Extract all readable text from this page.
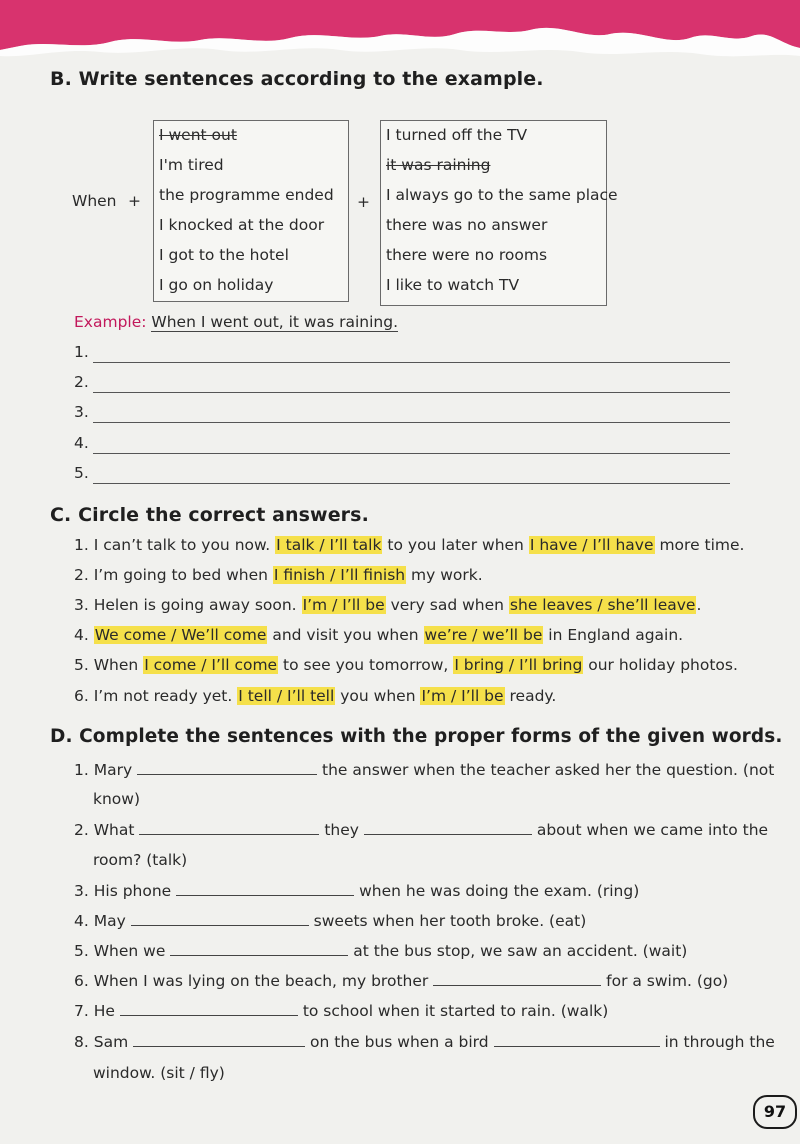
B. Write sentences according to the example.
When +	+
I went out
I'm tired
the programme ended
I knocked at the door
I got to the hotel
I go on holiday
I turned off the TV
it was raining
I always go to the same place
there was no answer
there were no rooms
I like to watch TV
Example: When I went out, it was raining.
1.
2.
3.
4.
5.
C. Circle the correct answers.
1. I can’t talk to you now. I talk / I’ll talk to you later when I have / I’ll have more time.
2. I’m going to bed when I finish / I’ll finish my work.
3. Helen is going away soon. I’m / I’ll be very sad when she leaves / she’ll leave.
4. We come / We’ll come and visit you when we’re / we’ll be in England again.
5. When I come / I’ll come to see you tomorrow, I bring / I’ll bring our holiday photos.
6. I’m not ready yet. I tell / I’ll tell you when I’m / I’ll be ready.
D. Complete the sentences with the proper forms of the given words.
1. Mary	the answer when the teacher asked her the question. (not
know)
2. What	they	about when we came into the
room? (talk)
3. His phone	when he was doing the exam. (ring)
4. May	sweets when her tooth broke. (eat)
5. When we	at the bus stop, we saw an accident. (wait)
6. When I was lying on the beach, my brother	for a swim. (go)
7. He	to school when it started to rain. (walk)
8. Sam	on the bus when a bird	in through the
window. (sit / fly)
97
